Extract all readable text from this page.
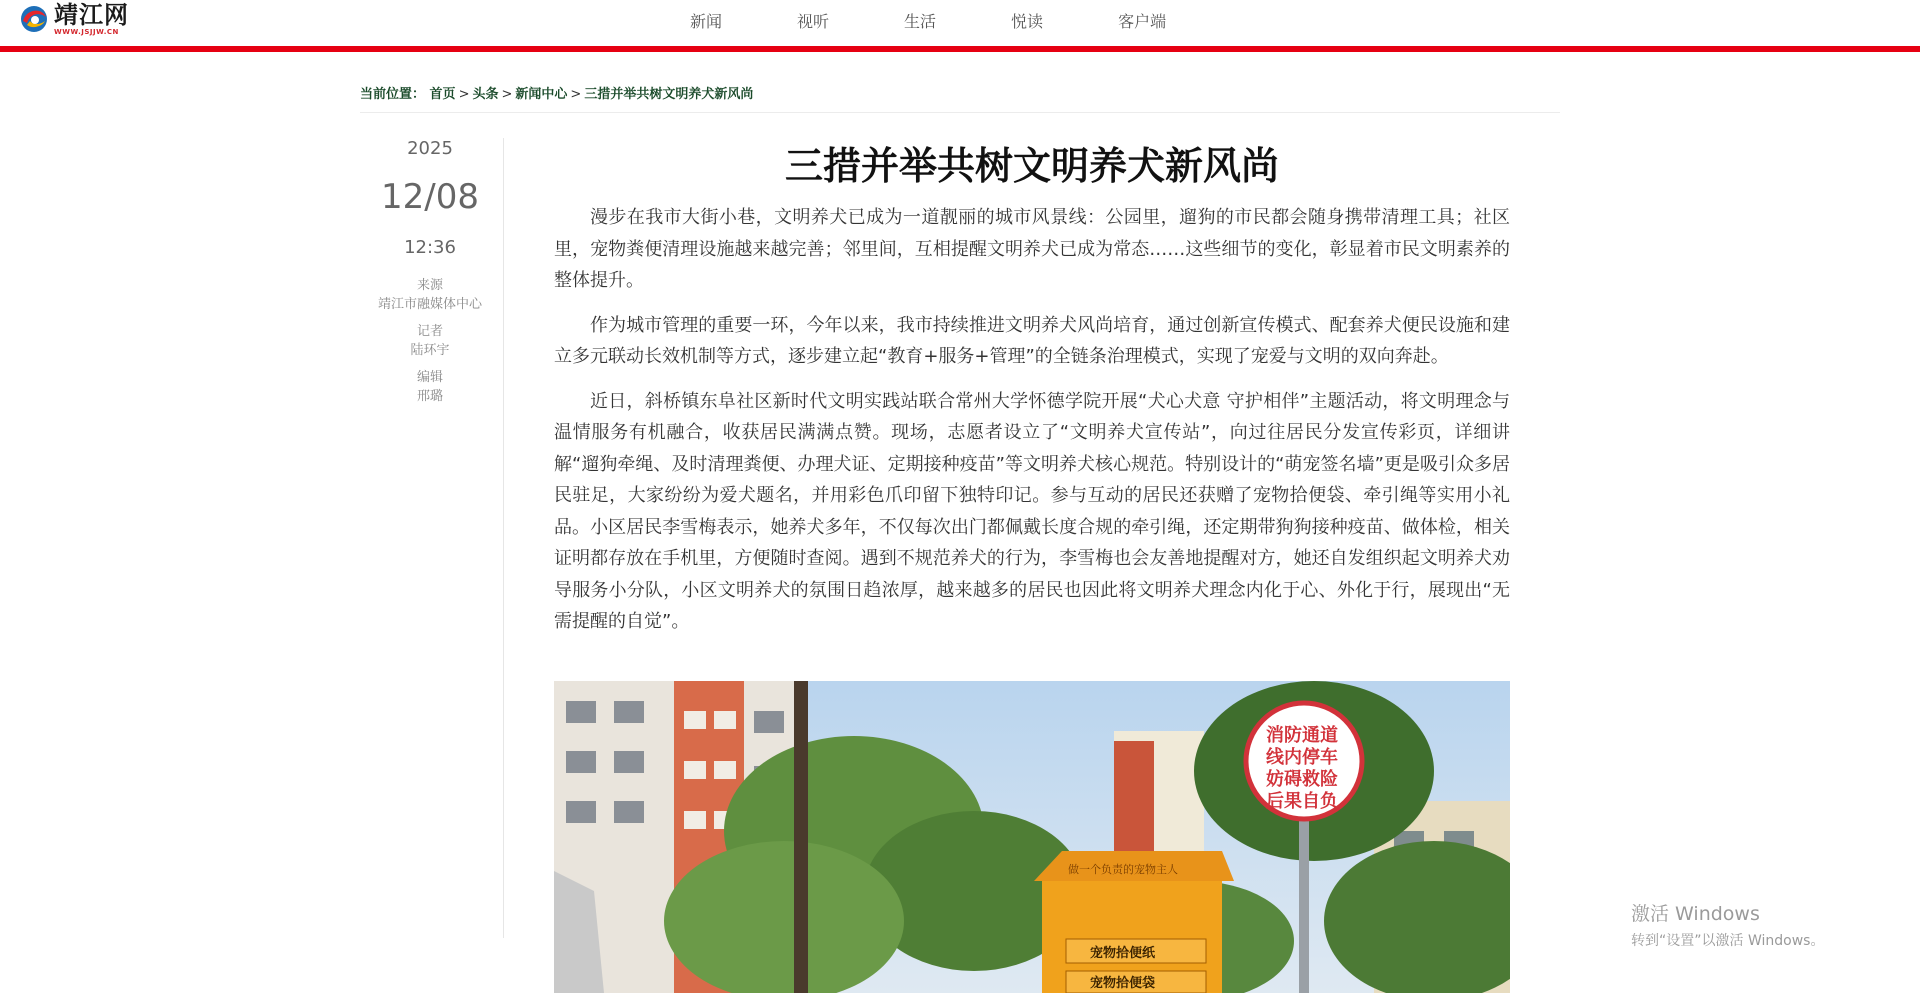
靖江网
WWW.JSJJW.CN
新闻	视听	生活	悦读	客户端
当前位置： 首页 > 头条 > 新闻中心 > 三措并举共树文明养犬新风尚
2025
12/08
12:36
来源
靖江市融媒体中心
记者
陆环宇
编辑
邢璐
三措并举共树文明养犬新风尚

漫步在我市大街小巷，文明养犬已成为一道靓丽的城市风景线：公园里，遛狗的市民都会随身携带清理工具；社区里，宠物粪便清理设施越来越完善；邻里间，互相提醒文明养犬已成为常态……这些细节的变化，彰显着市民文明素养的整体提升。

作为城市管理的重要一环，今年以来，我市持续推进文明养犬风尚培育，通过创新宣传模式、配套养犬便民设施和建立多元联动长效机制等方式，逐步建立起“教育+服务+管理”的全链条治理模式，实现了宠爱与文明的双向奔赴。

近日，斜桥镇东阜社区新时代文明实践站联合常州大学怀德学院开展“犬心犬意 守护相伴”主题活动，将文明理念与温情服务有机融合，收获居民满满点赞。现场，志愿者设立了“文明养犬宣传站”，向过往居民分发宣传彩页，详细讲解“遛狗牵绳、及时清理粪便、办理犬证、定期接种疫苗”等文明养犬核心规范。特别设计的“萌宠签名墙”更是吸引众多居民驻足，大家纷纷为爱犬题名，并用彩色爪印留下独特印记。参与互动的居民还获赠了宠物拾便袋、牵引绳等实用小礼品。小区居民李雪梅表示，她养犬多年，不仅每次出门都佩戴长度合规的牵引绳，还定期带狗狗接种疫苗、做体检，相关证明都存放在手机里，方便随时查阅。遇到不规范养犬的行为，李雪梅也会友善地提醒对方，她还自发组织起文明养犬劝导服务小分队，小区文明养犬的氛围日趋浓厚，越来越多的居民也因此将文明养犬理念内化于心、外化于行，展现出“无需提醒的自觉”。

消防通道
线内停车
妨碍救险
后果自负
做一个负责的宠物主人
宠物拾便纸
宠物拾便袋
激活 Windows
转到“设置”以激活 Windows。
